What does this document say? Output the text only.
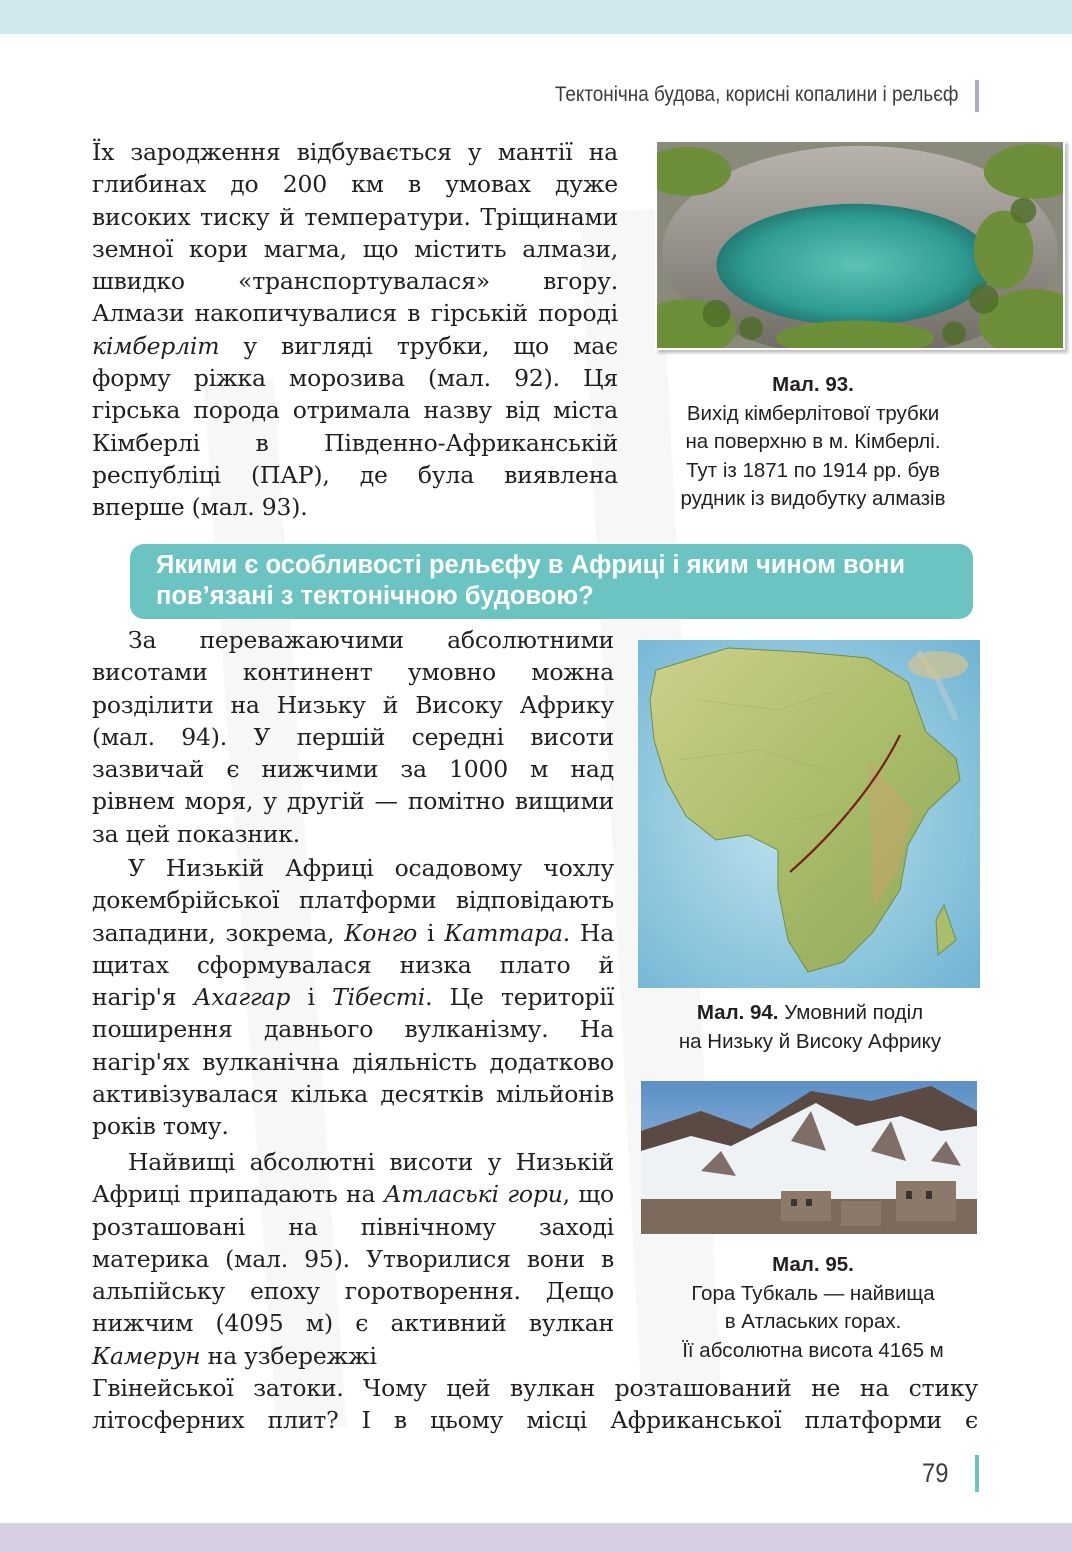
Тектонічна будова, корисні копалини і рельєф
Їх зародження відбувається у мантії на глибинах до 200 км в умовах дуже високих тиску й температури. Тріщинами земної кори магма, що містить алмази, швидко «транспортувалася» вгору. Алмази накопичувалися в гірській породі кімберліт у вигляді трубки, що має форму ріжка морозива (мал. 92). Ця гірська порода отримала назву від міста Кімберлі в Південно-Африканській республіці (ПАР), де була виявлена вперше (мал. 93).
Мал. 93.
Вихід кімберлітової трубки
на поверхню в м. Кімберлі.
Тут із 1871 по 1914 рр. був
рудник із видобутку алмазів
Якими є особливості рельєфу в Африці і яким чином вони пов’язані з тектонічною будовою?
За переважаючими абсолютними висотами континент умовно можна розділити на Низьку й Високу Африку (мал. 94). У першій середні висоти зазвичай є нижчими за 1000 м над рівнем моря, у другій — помітно вищими за цей показник.
Мал. 94. Умовний поділ
на Низьку й Високу Африку
У Низькій Африці осадовому чохлу докембрійської платформи відповідають западини, зокрема, Конго і Каттара. На щитах сформувалася низка плато й нагір'я Ахаггар і Тібесті. Це території поширення давнього вулканізму. На нагір'ях вулканічна діяльність додатково активізувалася кілька десятків мільйонів років тому.
Мал. 95.
Гора Тубкаль — найвища
в Атлаських горах.
Її абсолютна висота 4165 м
Найвищі абсолютні висоти у Низькій Африці припадають на Атлаські гори, що розташовані на північному заході материка (мал. 95). Утворилися вони в альпійську епоху горотворення. Дещо нижчим (4095 м) є активний вулкан Камерун на узбережжі
Гвінейської затоки. Чому цей вулкан розташований не на стику літосферних плит? І в цьому місці Африканської платформи є
79
